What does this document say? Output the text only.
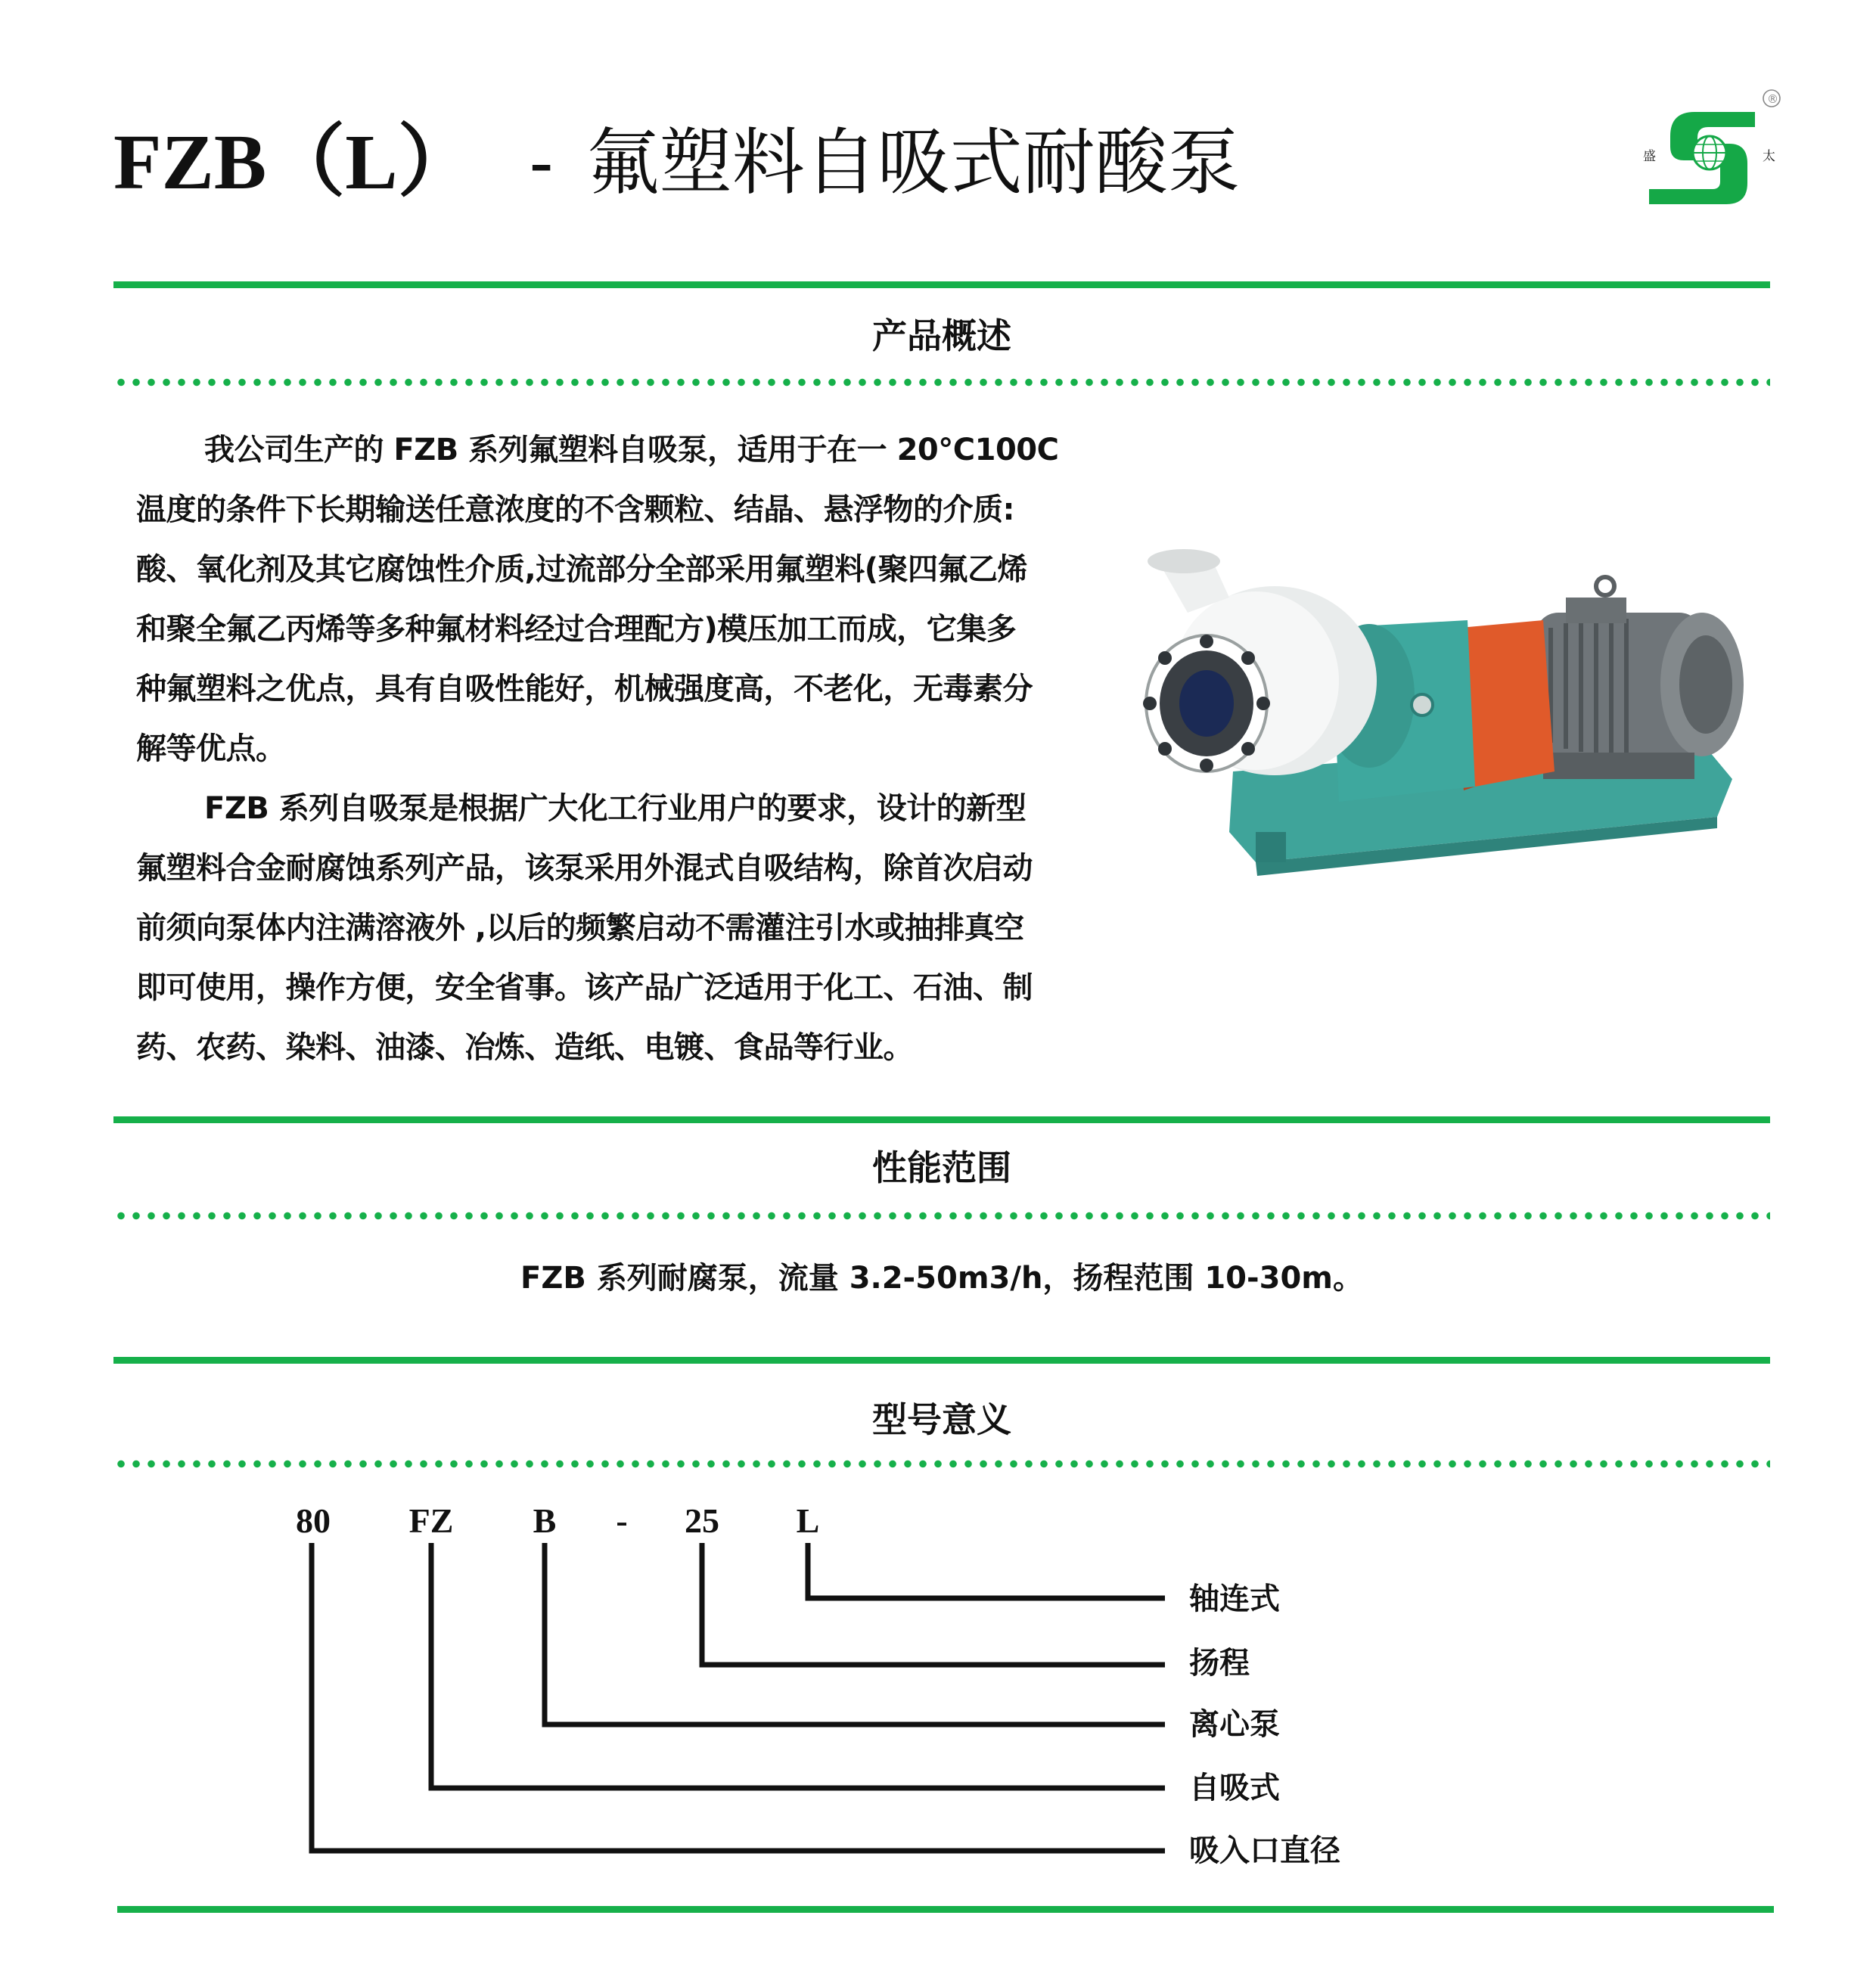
FZB（L） - 氟塑料自吸式耐酸泵	盛	太
®
产品概述

我公司生产的 FZB 系列氟塑料自吸泵，适用于在一 20°C100C
温度的条件下长期输送任意浓度的不含颗粒、结晶、悬浮物的介质:
酸、氧化剂及其它腐蚀性介质,过流部分全部采用氟塑料(聚四氟乙烯
和聚全氟乙丙烯等多种氟材料经过合理配方)模压加工而成，它集多
种氟塑料之优点，具有自吸性能好，机械强度高，不老化，无毒素分
解等优点。

FZB 系列自吸泵是根据广大化工行业用户的要求，设计的新型
氟塑料合金耐腐蚀系列产品，该泵采用外混式自吸结构，除首次启动
前须向泵体内注满溶液外 ,以后的频繁启动不需灌注引水或抽排真空
即可使用，操作方便，安全省事。该产品广泛适用于化工、石油、制
药、农药、染料、油漆、冶炼、造纸、电镀、食品等行业。

性能范围
FZB 系列耐腐泵，流量 3.2-50m3/h，扬程范围 10-30m。
型号意义
80 FZ B - 25 L
轴连式
扬程
离心泵
自吸式
吸入口直径
